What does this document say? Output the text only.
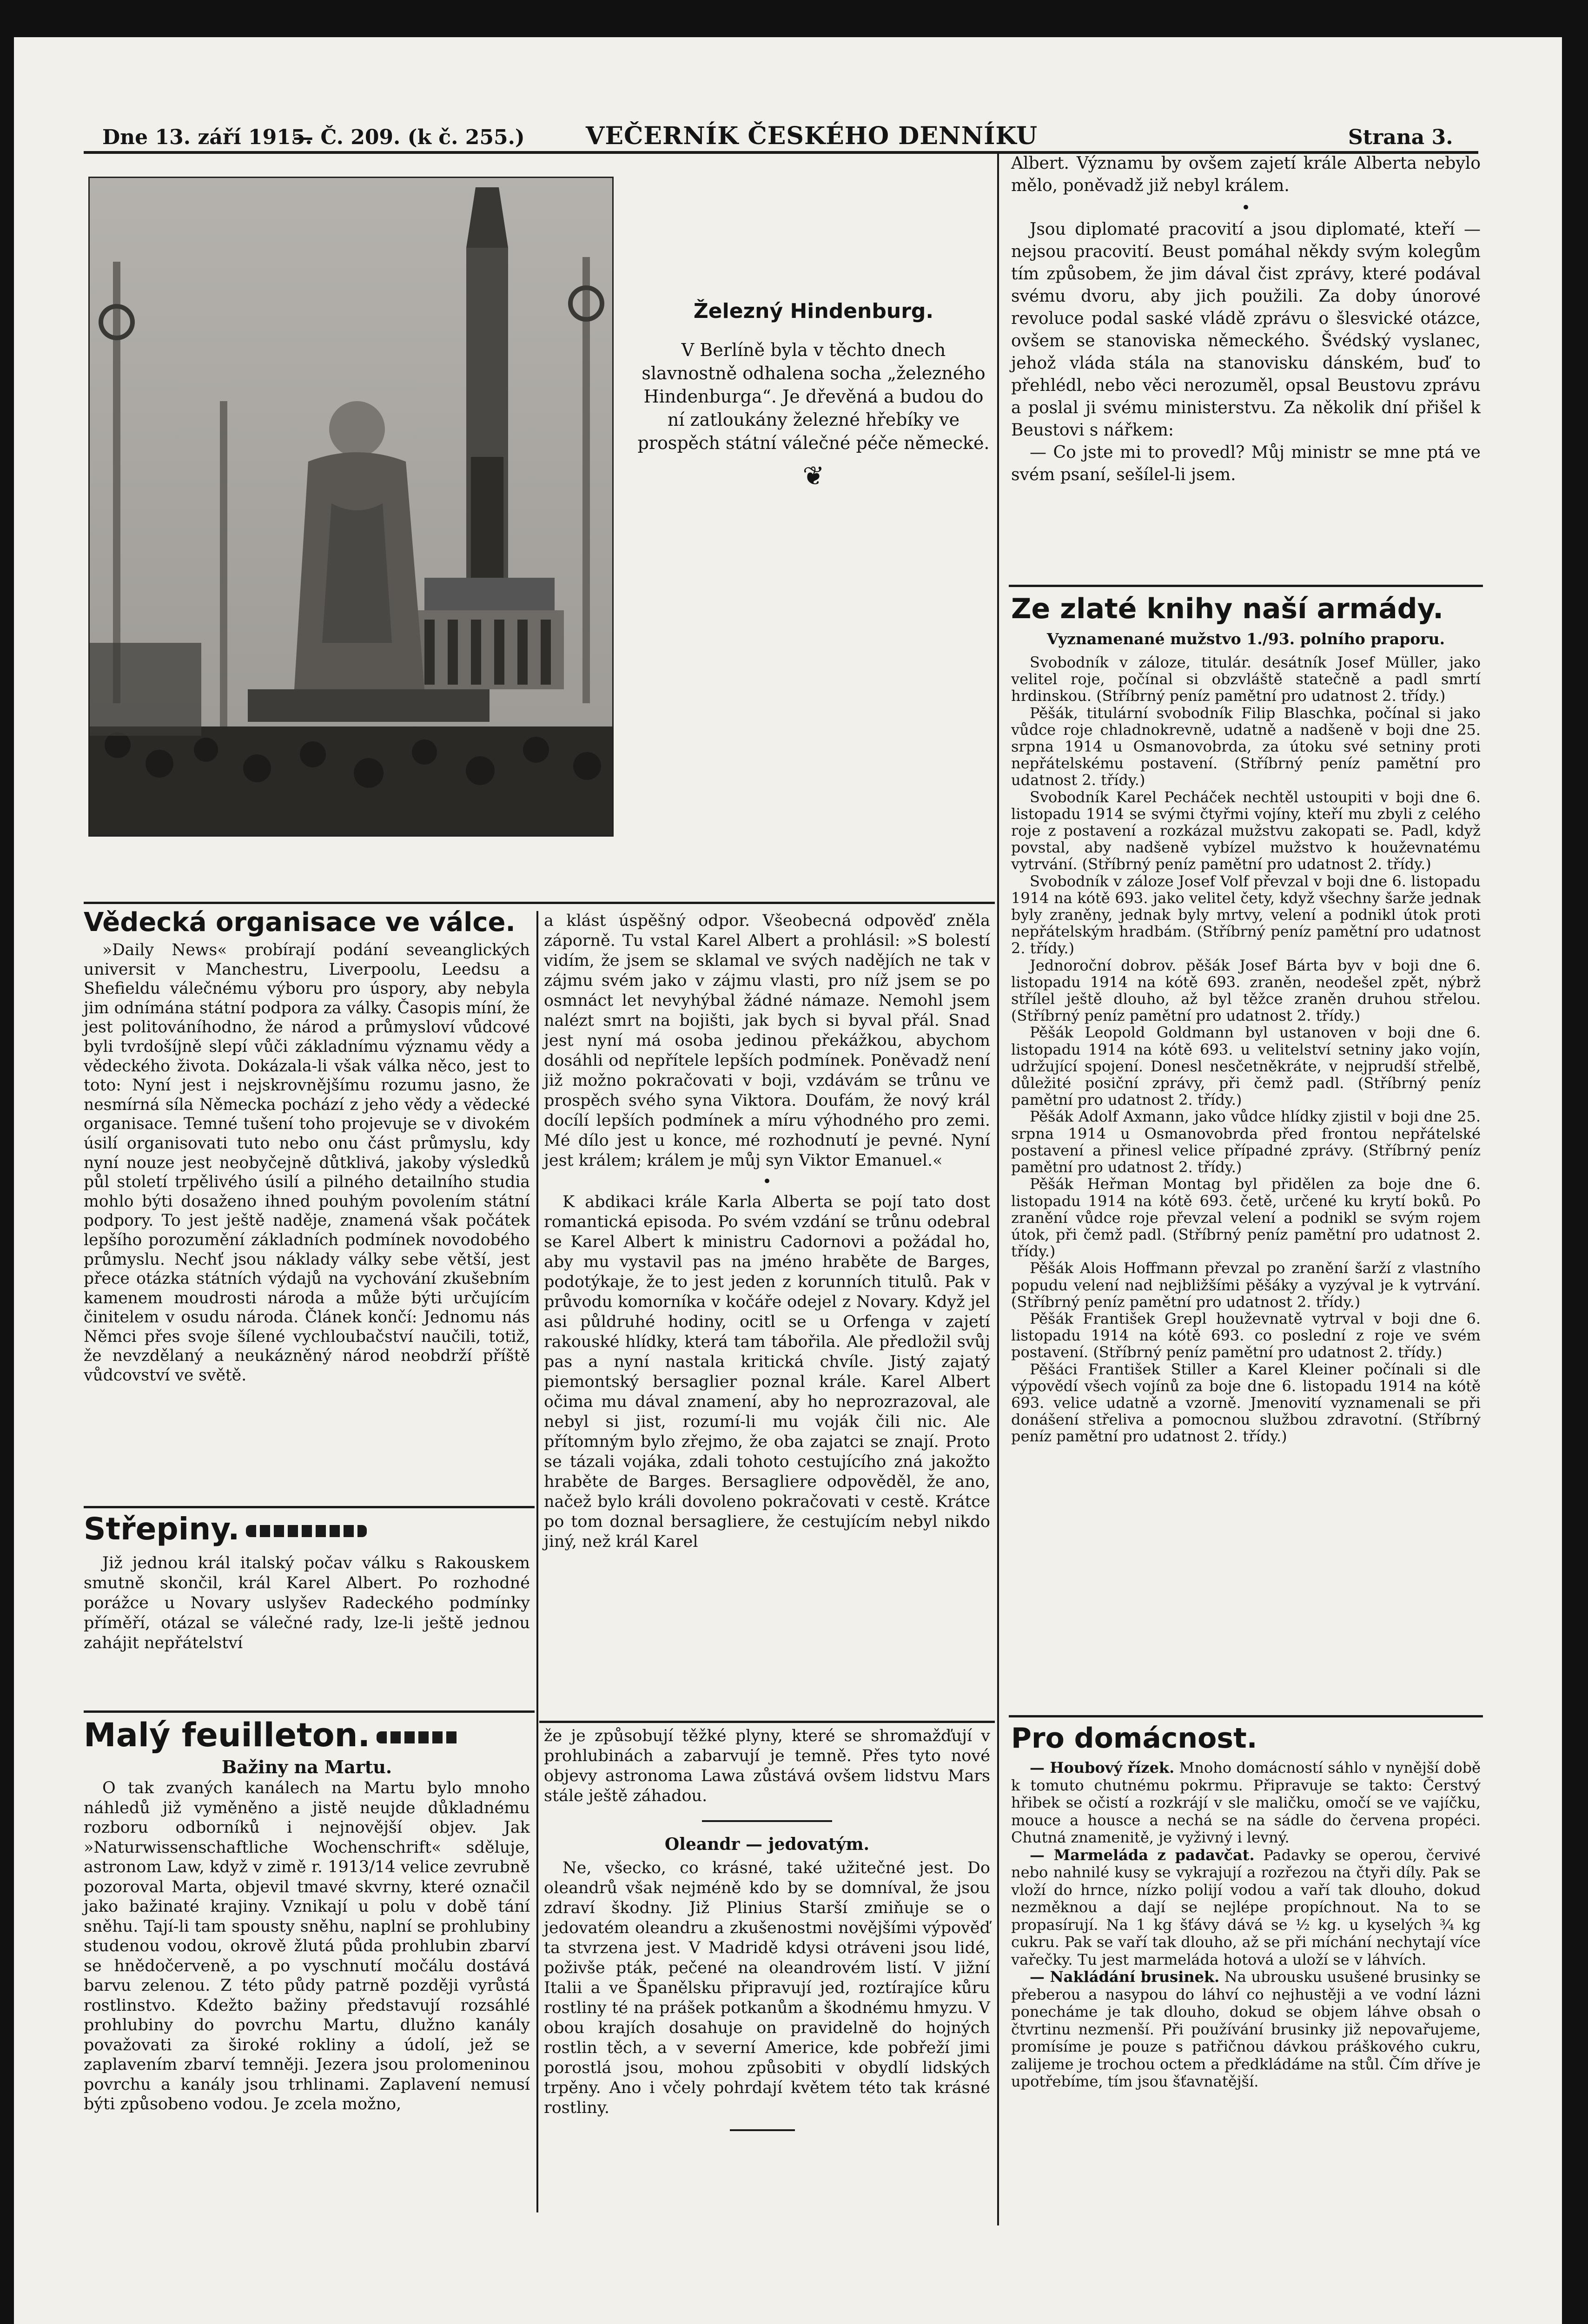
Dne 13. září 1915.
— Č. 209. (k č. 255.)	VEČERNÍK ČESKÉHO DENNÍKU	Strana 3.
Železný Hindenburg.
V Berlíně byla v těchto dnech slavnostně odhalena socha „železného Hindenburga“. Je dřevěná a budou do ní zatloukány železné hřebíky ve prospěch státní válečné péče německé.
❦
Albert. Významu by ovšem zajetí krále Alberta nebylo mělo, poněvadž již nebyl králem.
•
Jsou diplomaté pracovití a jsou diplomaté, kteří — nejsou pracovití. Beust pomáhal někdy svým kolegům tím způsobem, že jim dával čist zprávy, které podával svému dvoru, aby jich použili. Za doby únorové revoluce podal saské vládě zprávu o šlesvické otázce, ovšem se stanoviska německého. Švédský vyslanec, jehož vláda stála na stanovisku dánském, buď to přehlédl, nebo věci nerozuměl, opsal Beustovu zprávu a poslal ji svému ministerstvu. Za několik dní přišel k Beustovi s nářkem:
— Co jste mi to provedl? Můj ministr se mne ptá ve svém psaní, sešílel-li jsem.
Ze zlaté knihy naší armády.
Vyznamenané mužstvo 1./93. polního praporu.

Svobodník v záloze, titulár. desátník Josef Müller, jako velitel roje, počínal si obzvláště statečně a padl smrtí hrdinskou. (Stříbrný peníz pamětní pro udatnost 2. třídy.)

Pěšák, titulární svobodník Filip Blaschka, počínal si jako vůdce roje chladnokrevně, udatně a nadšeně v boji dne 25. srpna 1914 u Osmanovobrda, za útoku své setniny proti nepřátelskému postavení. (Stříbrný peníz pamětní pro udatnost 2. třídy.)

Svobodník Karel Pecháček nechtěl ustoupiti v boji dne 6. listopadu 1914 se svými čtyřmi vojíny, kteří mu zbyli z celého roje z postavení a rozkázal mužstvu zakopati se. Padl, když povstal, aby nadšeně vybízel mužstvo k houževnatému vytrvání. (Stříbrný peníz pamětní pro udatnost 2. třídy.)

Svobodník v záloze Josef Volf převzal v boji dne 6. listopadu 1914 na kótě 693. jako velitel čety, když všechny šarže jednak byly zraněny, jednak byly mrtvy, velení a podnikl útok proti nepřátelským hradbám. (Stříbrný peníz pamětní pro udatnost 2. třídy.)

Jednoroční dobrov. pěšák Josef Bárta byv v boji dne 6. listopadu 1914 na kótě 693. zraněn, neodešel zpět, nýbrž střílel ještě dlouho, až byl těžce zraněn druhou střelou. (Stříbrný peníz pamětní pro udatnost 2. třídy.)

Pěšák Leopold Goldmann byl ustanoven v boji dne 6. listopadu 1914 na kótě 693. u velitelství setniny jako vojín, udržující spojení. Donesl nesčetněkráte, v nejprudší střelbě, důležité posiční zprávy, při čemž padl. (Stříbrný peníz pamětní pro udatnost 2. třídy.)

Pěšák Adolf Axmann, jako vůdce hlídky zjistil v boji dne 25. srpna 1914 u Osmanovobrda před frontou nepřátelské postavení a přinesl velice případné zprávy. (Stříbrný peníz pamětní pro udatnost 2. třídy.)

Pěšák Heřman Montag byl přidělen za boje dne 6. listopadu 1914 na kótě 693. četě, určené ku krytí boků. Po zranění vůdce roje převzal velení a podnikl se svým rojem útok, při čemž padl. (Stříbrný peníz pamětní pro udatnost 2. třídy.)

Pěšák Alois Hoffmann převzal po zranění šarží z vlastního popudu velení nad nejbližšími pěšáky a vyzýval je k vytrvání. (Stříbrný peníz pamětní pro udatnost 2. třídy.)

Pěšák František Grepl houževnatě vytrval v boji dne 6. listopadu 1914 na kótě 693. co poslední z roje ve svém postavení. (Stříbrný peníz pamětní pro udatnost 2. třídy.)

Pěšáci František Stiller a Karel Kleiner počínali si dle výpovědí všech vojínů za boje dne 6. listopadu 1914 na kótě 693. velice udatně a vzorně. Jmenovití vyznamenali se při donášení střeliva a pomocnou službou zdravotní. (Stříbrný peníz pamětní pro udatnost 2. třídy.)

Pro domácnost.

— Houbový řízek. Mnoho domácností sáhlo v nynější době k tomuto chutnému pokrmu. Připravuje se takto: Čerstvý hřibek se očistí a rozkrájí v sle maličku, omočí se ve vajíčku, mouce a housce a nechá se na sádle do červena propéci. Chutná znamenitě, je vyživný i levný.

— Marmeláda z padavčat. Padavky se operou, červivé nebo nahnilé kusy se vykrajují a rozřezou na čtyři díly. Pak se vloží do hrnce, nízko polijí vodou a vaří tak dlouho, dokud nezměknou a dají se nejlépe propíchnout. Na to se propasírují. Na 1 kg šťávy dává se ½ kg. u kyselých ¾ kg cukru. Pak se vaří tak dlouho, až se při míchání nechytají více vařečky. Tu jest marmeláda hotová a uloží se v láhvích.

— Nakládání brusinek. Na ubrousku usušené brusinky se přeberou a nasypou do láhví co nejhustěji a ve vodní lázni ponecháme je tak dlouho, dokud se objem láhve obsah o čtvrtinu nezmenší. Při používání brusinky již nepovařujeme, promísíme je pouze s patřičnou dávkou práškového cukru, zalijeme je trochou octem a předkládáme na stůl. Čím dříve je upotřebíme, tím jsou šťavnatější.

Vědecká organisace ve válce.
»Daily News« probírají podání seveanglických universit v Manchestru, Liverpoolu, Leedsu a Shefieldu válečnému výboru pro úspory, aby nebyla jim odnímána státní podpora za války. Časopis míní, že jest politováníhodno, že národ a průmysloví vůdcové byli tvrdošíjně slepí vůči základnímu významu vědy a vědeckého života. Dokázala-li však válka něco, jest to toto: Nyní jest i nejskrovnějšímu rozumu jasno, že nesmírná síla Německa pochází z jeho vědy a vědecké organisace. Temné tušení toho projevuje se v divokém úsilí organisovati tuto nebo onu část průmyslu, kdy nyní nouze jest neobyčejně důtklivá, jakoby výsledků půl století trpělivého úsilí a pilného detailního studia mohlo býti dosaženo ihned pouhým povolením státní podpory. To jest ještě naděje, znamená však počátek lepšího porozumění základních podmínek novodobého průmyslu. Nechť jsou náklady války sebe větší, jest přece otázka státních výdajů na vychování zkušebním kamenem moudrosti národa a může býti určujícím činitelem v osudu národa. Článek končí: Jednomu nás Němci přes svoje šílené vychloubačství naučili, totiž, že nevzdělaný a neukázněný národ neobdrží příště vůdcovství ve světě.
Střepiny.
Již jednou král italský počav válku s Rakouskem smutně skončil, král Karel Albert. Po rozhodné porážce u Novary uslyšev Radeckého podmínky příměří, otázal se válečné rady, lze-li ještě jednou zahájit nepřátelství
Malý feuilleton.
Bažiny na Martu.
O tak zvaných kanálech na Martu bylo mnoho náhledů již vyměněno a jistě neujde důkladnému rozboru odborníků i nejnovější objev. Jak »Naturwissenschaftliche Wochenschrift« sděluje, astronom Law, když v zimě r. 1913/14 velice zevrubně pozoroval Marta, objevil tmavé skvrny, které označil jako bažinaté krajiny. Vznikají u polu v době tání sněhu. Tají-li tam spousty sněhu, naplní se prohlubiny studenou vodou, okrově žlutá půda prohlubin zbarví se hnědočerveně, a po vyschnutí močálu dostává barvu zelenou. Z této půdy patrně později vyrůstá rostlinstvo. Kdežto bažiny představují rozsáhlé prohlubiny do povrchu Martu, dlužno kanály považovati za široké rokliny a údolí, jež se zaplavením zbarví temněji. Jezera jsou prolomeninou povrchu a kanály jsou trhlinami. Zaplavení nemusí býti způsobeno vodou. Je zcela možno,
a klást úspěšný odpor. Všeobecná odpověď zněla záporně. Tu vstal Karel Albert a prohlásil: »S bolestí vidím, že jsem se sklamal ve svých nadějích ne tak v zájmu svém jako v zájmu vlasti, pro níž jsem se po osmnáct let nevyhýbal žádné námaze. Nemohl jsem nalézt smrt na bojišti, jak bych si byval přál. Snad jest nyní má osoba jedinou překážkou, abychom dosáhli od nepřítele lepších podmínek. Poněvadž není již možno pokračovati v boji, vzdávám se trůnu ve prospěch svého syna Viktora. Doufám, že nový král docílí lepších podmínek a míru výhodného pro zemi. Mé dílo jest u konce, mé rozhodnutí je pevné. Nyní jest králem; králem je můj syn Viktor Emanuel.«
•
K abdikaci krále Karla Alberta se pojí tato dost romantická episoda. Po svém vzdání se trůnu odebral se Karel Albert k ministru Cadornovi a požádal ho, aby mu vystavil pas na jméno hraběte de Barges, podotýkaje, že to jest jeden z korunních titulů. Pak v průvodu komorníka v kočáře odejel z Novary. Když jel asi půldruhé hodiny, ocitl se u Orfenga v zajetí rakouské hlídky, která tam tábořila. Ale předložil svůj pas a nyní nastala kritická chvíle. Jistý zajatý piemontský bersaglier poznal krále. Karel Albert očima mu dával znamení, aby ho neprozrazoval, ale nebyl si jist, rozumí-li mu voják čili nic. Ale přítomným bylo zřejmo, že oba zajatci se znají. Proto se tázali vojáka, zdali tohoto cestujícího zná jakožto hraběte de Barges. Bersagliere odpověděl, že ano, načež bylo králi dovoleno pokračovati v cestě. Krátce po tom doznal bersagliere, že cestujícím nebyl nikdo jiný, než král Karel
že je způsobují těžké plyny, které se shromažďují v prohlubinách a zabarvují je temně. Přes tyto nové objevy astronoma Lawa zůstává ovšem lidstvu Mars stále ještě záhadou.
Oleandr — jedovatým.
Ne, všecko, co krásné, také užitečné jest. Do oleandrů však nejméně kdo by se domníval, že jsou zdraví škodny. Již Plinius Starší zmiňuje se o jedovatém oleandru a zkušenostmi novějšími výpověď ta stvrzena jest. V Madridě kdysi otráveni jsou lidé, poživše pták, pečené na oleandrovém listí. V jižní Italii a ve Španělsku připravují jed, roztírajíce kůru rostliny té na prášek potkanům a škodnému hmyzu. V obou krajích dosahuje on pravidelně do hojných rostlin těch, a v severní Americe, kde pobřeží jimi porostlá jsou, mohou způsobiti v obydlí lidských trpěny. Ano i včely pohrdají květem této tak krásné rostliny.
